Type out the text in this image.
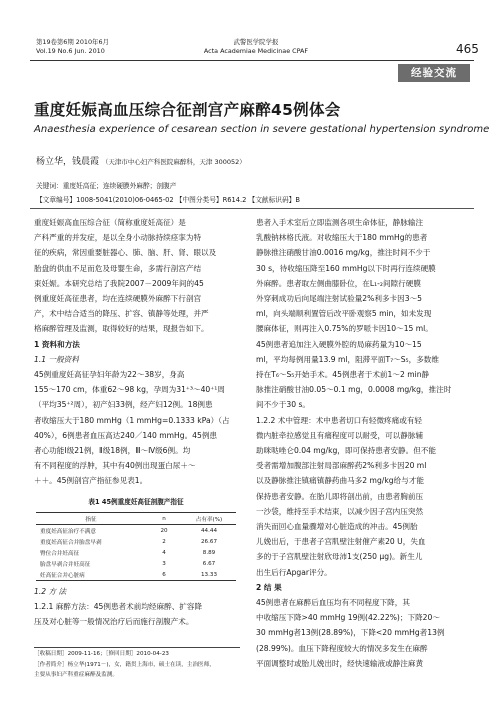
第19卷第6期 2010年6月
Vol.19 No.6 Jun. 2010
武警医学院学报
Acta Academiae Medicinae CPAF	465
经验交流
重度妊娠高血压综合征剖宫产麻醉45例体会
Anaesthesia experience of cesarean section in severe gestational hypertension syndrome
杨立华，钱晨霞 （天津市中心妇产科医院麻醉科，天津 300052）
关键词：重度妊高征；连续硬膜外麻醉；剖腹产
【文章编号】1008-5041(2010)06-0465-02 【中图分类号】R614.2 【文献标识码】B

重度妊娠高血压综合征（简称重度妊高征）是

产科严重的并发症，是以全身小动脉持续痉挛为特

征的疾病，常因重要脏器心、肺、脑、肝、肾、眼以及

胎盘的供血不足而危及母婴生命，多需行剖宫产结

束妊娠。本研究总结了我院2007－2009年间的45

例重度妊高征患者，均在连续硬膜外麻醉下行剖宫

产，术中结合适当的降压、扩容、镇静等处理，并严

格麻醉管理及监测，取得较好的结果，现报告如下。

1 资料和方法

1.1 一般资料

45例重度妊高征孕妇年龄为22～38岁，身高

155～170 cm，体重62～98 kg，孕周为31⁺³～40⁺¹周

（平均35⁺²周），初产妇33例，经产妇12例。18例患

者收缩压大于180 mmHg（1 mmHg=0.1333 kPa）（占

40%），6例患者血压高达240／140 mmHg。45例患

者心功能Ⅰ级21例，Ⅱ级18例，Ⅲ～Ⅳ级6例。均

有不同程度的浮肿，其中有40例出现蛋白尿＋～

＋＋。45例剖宫产指征参见表1。

表1 45例重度妊高征剖腹产指征
指征	n	占有率(%)
重度妊高征治疗不满意	20	44.44
重度妊高征合并胎盘早剥	2	26.67
臀位合并妊高征	4	8.89
胎盘早剥合并妊高征	3	6.67
妊高征合并心脏病	6	13.33

1.2 方 法

1.2.1 麻醉方法：45例患者术前均经麻醉、扩容降

压及对心脏等一般情况治疗后而施行剖腹产术。

［收稿日期］2009-11-16；［修回日期］2010-04-23
［作者简介］杨立华(1971－)，女，籍贯上海市，硕士在读，主治医师，
主要从事妇产科重症麻醉及监测。

患者入手术室后立即监测各项生命体征，静脉输注

乳酸钠林格氏液。对收缩压大于180 mmHg的患者

静脉推注硝酸甘油0.0016 mg/kg，推注时间不少于

30 s，待收缩压降至160 mmHg以下时再行连续硬膜

外麻醉。患者取左侧曲膝卧位，在L₁-₂间隙行硬膜

外穿刺成功后向尾端注射试验量2%利多卡因3～5

ml，向头端顺利置管后改平卧观察5 min，如未发现

腰麻体征，则再注入0.75%的罗哌卡因10～15 ml。

45例患者追加注入硬膜外腔的局麻药量为10～15

ml，平均每例用量13.9 ml，阻滞平面T₇～S₅，多数维

持在T₆～S₅开始手术。45例患者于术前1～2 min静

脉推注硝酸甘油0.05～0.1 mg，0.0008 mg/kg，推注时

间不少于30 s。

1.2.2 术中管理：术中患者切口有轻微疼痛或有轻

微内脏牵拉感觉且有痛程度可以耐受，可以静脉辅

助咪哒唑仑0.04 mg/kg，即可保持患者安静。但不能

受者需增加腹部注射局部麻醉药2%利多卡因20 ml

以及静脉推注镇痛镇静药曲马多2 mg/kg给与才能

保持患者安静。在胎儿即将剖出前，由患者胸前压

一沙袋，维持至手术结束，以减少因子宫内压突然

消失而回心血量骤增对心脏造成的冲击。45例胎

儿娩出后，于患者子宫肌壁注射催产素20 U，失血

多的于子宫肌壁注射欣母沛1支(250 μg)。新生儿

出生后行Apgar评分。

2 结 果

45例患者在麻醉后血压均有不同程度下降，其

中收缩压下降>40 mmHg 19例(42.22%)；下降20～

30 mmHg者13例(28.89%)，下降<20 mmHg者13例

(28.99%)。血压下降程度较大的情况多发生在麻醉

平面调整时或胎儿娩出时，经快速输液或静注麻黄
